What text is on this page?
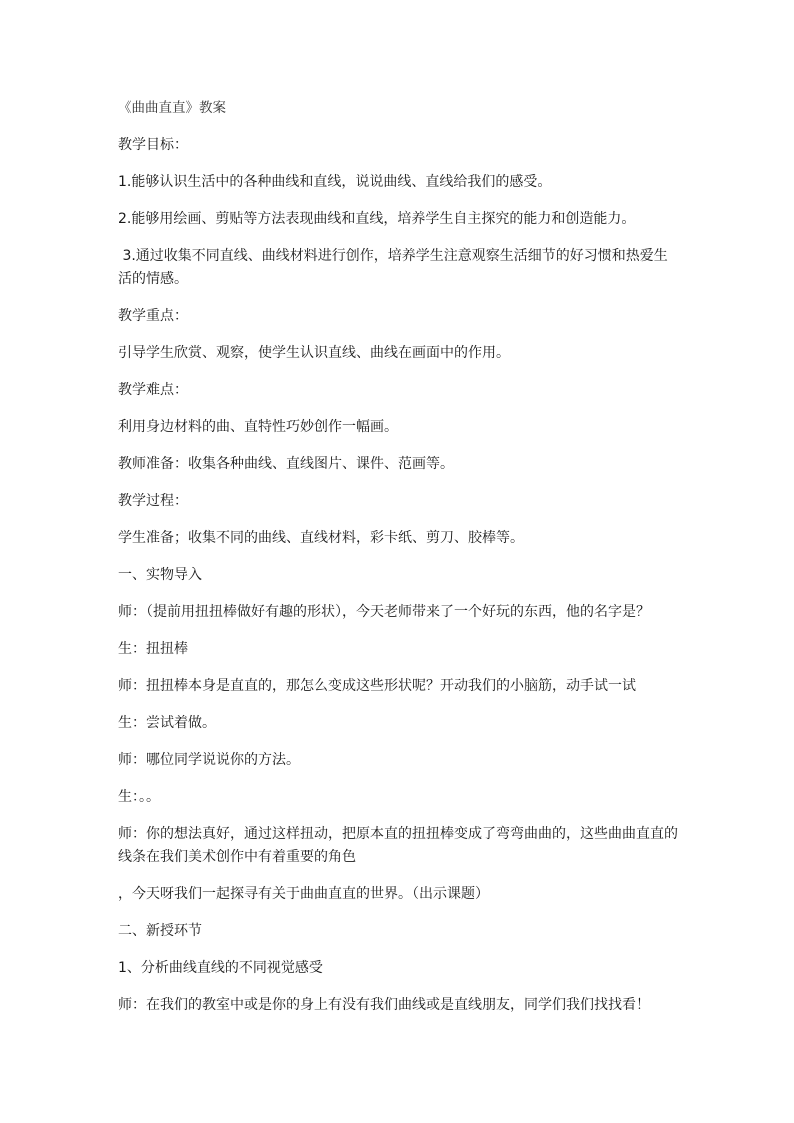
《曲曲直直》教案

教学目标：

1.能够认识生活中的各种曲线和直线，说说曲线、直线给我们的感受。

2.能够用绘画、剪贴等方法表现曲线和直线，培养学生自主探究的能力和创造能力。

3.通过收集不同直线、曲线材料进行创作，培养学生注意观察生活细节的好习惯和热爱生活的情感。

教学重点：

引导学生欣赏、观察，使学生认识直线、曲线在画面中的作用。

教学难点：

利用身边材料的曲、直特性巧妙创作一幅画。

教师准备：收集各种曲线、直线图片、课件、范画等。

教学过程：

学生准备；收集不同的曲线、直线材料，彩卡纸、剪刀、胶棒等。

一、实物导入

师：（提前用扭扭棒做好有趣的形状），今天老师带来了一个好玩的东西，他的名字是？

生：扭扭棒

师：扭扭棒本身是直直的，那怎么变成这些形状呢？开动我们的小脑筋，动手试一试

生：尝试着做。

师：哪位同学说说你的方法。

生：。。

师：你的想法真好，通过这样扭动，把原本直的扭扭棒变成了弯弯曲曲的，这些曲曲直直的线条在我们美术创作中有着重要的角色

，今天呀我们一起探寻有关于曲曲直直的世界。（出示课题）

二、新授环节

1、分析曲线直线的不同视觉感受

师：在我们的教室中或是你的身上有没有我们曲线或是直线朋友，同学们我们找找看！
